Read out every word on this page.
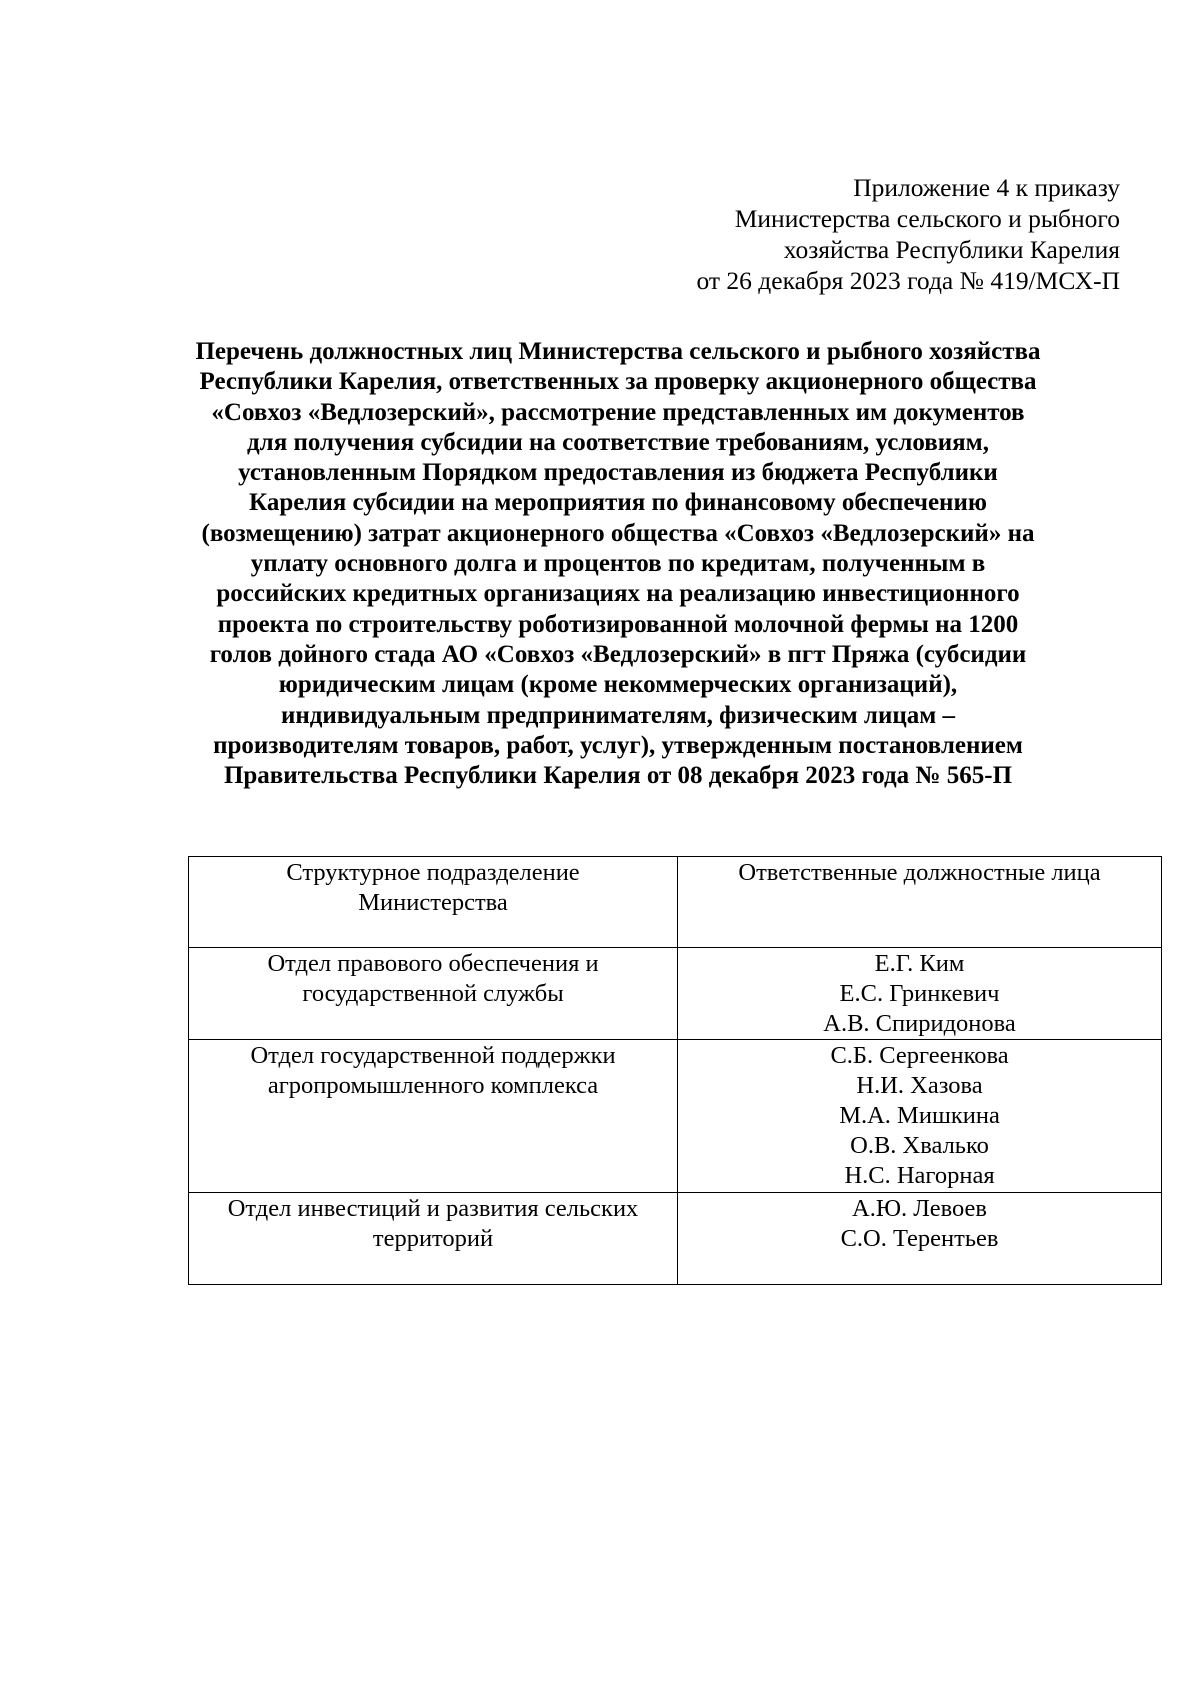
Приложение 4 к приказу
Министерства сельского и рыбного
хозяйства Республики Карелия
от 26 декабря 2023 года № 419/МСХ-П
Перечень должностных лиц Министерства сельского и рыбного хозяйства
Республики Карелия, ответственных за проверку акционерного общества
«Совхоз «Ведлозерский», рассмотрение представленных им документов
для получения субсидии на соответствие требованиям, условиям,
установленным Порядком предоставления из бюджета Республики
Карелия субсидии на мероприятия по финансовому обеспечению
(возмещению) затрат акционерного общества «Совхоз «Ведлозерский» на
уплату основного долга и процентов по кредитам, полученным в
российских кредитных организациях на реализацию инвестиционного
проекта по строительству роботизированной молочной фермы на 1200
голов дойного стада АО «Совхоз «Ведлозерский» в пгт Пряжа (субсидии
юридическим лицам (кроме некоммерческих организаций),
индивидуальным предпринимателям, физическим лицам –
производителям товаров, работ, услуг), утвержденным постановлением
Правительства Республики Карелия от 08 декабря 2023 года № 565-П
Структурное подразделение
Министерства	Ответственные должностные лица

Отдел правового обеспечения и
государственной службы	Е.Г. Ким
Е.С. Гринкевич
А.В. Спиридонова

Отдел государственной поддержки
агропромышленного комплекса	С.Б. Сергеенкова
Н.И. Хазова
М.А. Мишкина
О.В. Хвалько
Н.С. Нагорная

Отдел инвестиций и развития сельских
территорий	А.Ю. Левоев
С.О. Терентьев
